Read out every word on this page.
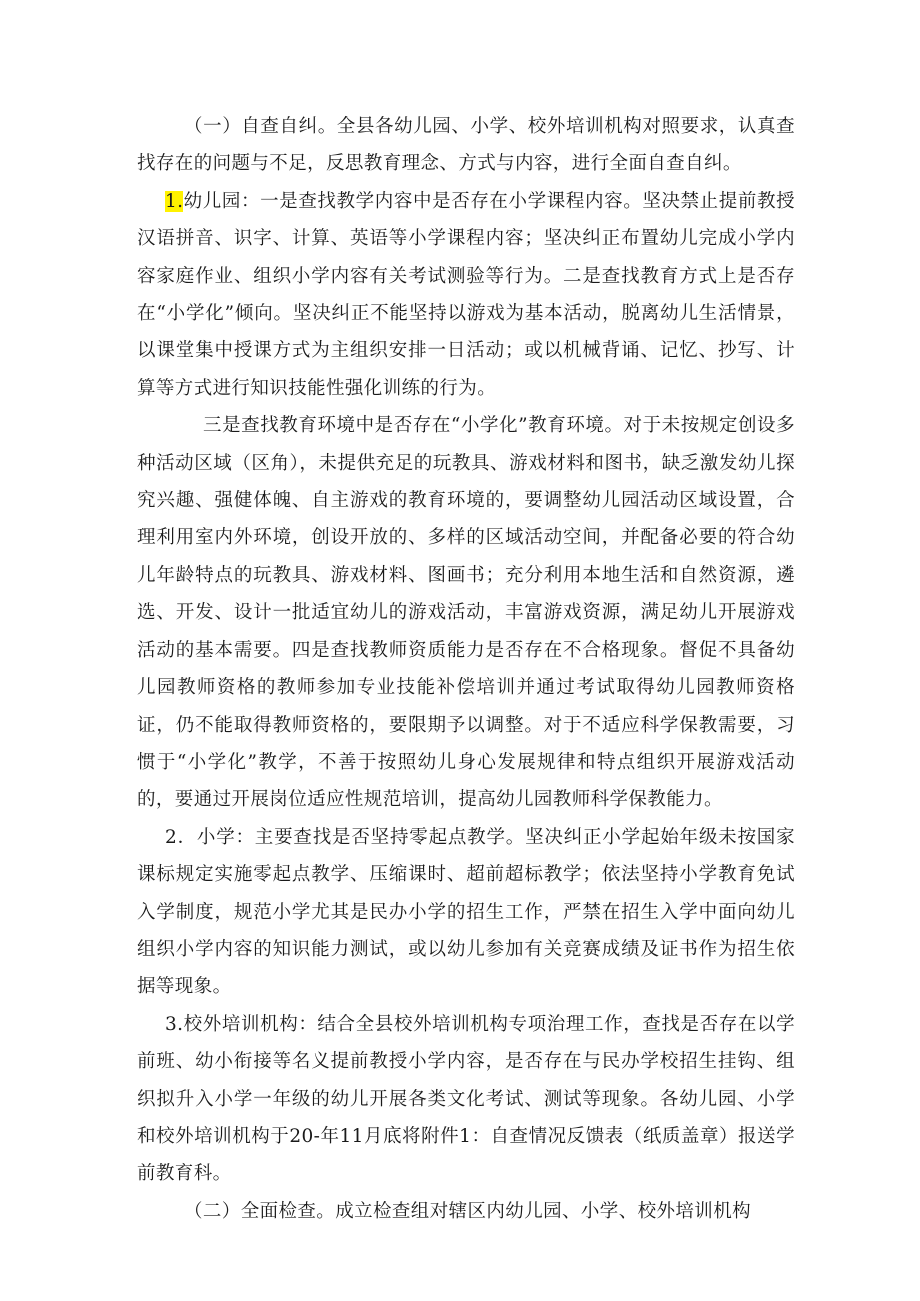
（一）自查自纠。全县各幼儿园、小学、校外培训机构对照要求，认真查找存在的问题与不足，反思教育理念、方式与内容，进行全面自查自纠。

1.幼儿园：一是查找教学内容中是否存在小学课程内容。坚决禁止提前教授汉语拼音、识字、计算、英语等小学课程内容；坚决纠正布置幼儿完成小学内容家庭作业、组织小学内容有关考试测验等行为。二是查找教育方式上是否存在“小学化”倾向。坚决纠正不能坚持以游戏为基本活动，脱离幼儿生活情景，以课堂集中授课方式为主组织安排一日活动；或以机械背诵、记忆、抄写、计算等方式进行知识技能性强化训练的行为。

三是查找教育环境中是否存在“小学化”教育环境。对于未按规定创设多种活动区域（区角），未提供充足的玩教具、游戏材料和图书，缺乏激发幼儿探究兴趣、强健体魄、自主游戏的教育环境的，要调整幼儿园活动区域设置，合理利用室内外环境，创设开放的、多样的区域活动空间，并配备必要的符合幼儿年龄特点的玩教具、游戏材料、图画书；充分利用本地生活和自然资源，遴选、开发、设计一批适宜幼儿的游戏活动，丰富游戏资源，满足幼儿开展游戏活动的基本需要。四是查找教师资质能力是否存在不合格现象。督促不具备幼儿园教师资格的教师参加专业技能补偿培训并通过考试取得幼儿园教师资格证，仍不能取得教师资格的，要限期予以调整。对于不适应科学保教需要，习惯于“小学化”教学，不善于按照幼儿身心发展规律和特点组织开展游戏活动的，要通过开展岗位适应性规范培训，提高幼儿园教师科学保教能力。

2．小学：主要查找是否坚持零起点教学。坚决纠正小学起始年级未按国家课标规定实施零起点教学、压缩课时、超前超标教学；依法坚持小学教育免试入学制度，规范小学尤其是民办小学的招生工作，严禁在招生入学中面向幼儿组织小学内容的知识能力测试，或以幼儿参加有关竞赛成绩及证书作为招生依据等现象。

3.校外培训机构：结合全县校外培训机构专项治理工作，查找是否存在以学前班、幼小衔接等名义提前教授小学内容，是否存在与民办学校招生挂钩、组织拟升入小学一年级的幼儿开展各类文化考试、测试等现象。各幼儿园、小学和校外培训机构于20-年11月底将附件1：自查情况反馈表（纸质盖章）报送学前教育科。

（二）全面检查。成立检查组对辖区内幼儿园、小学、校外培训机构
